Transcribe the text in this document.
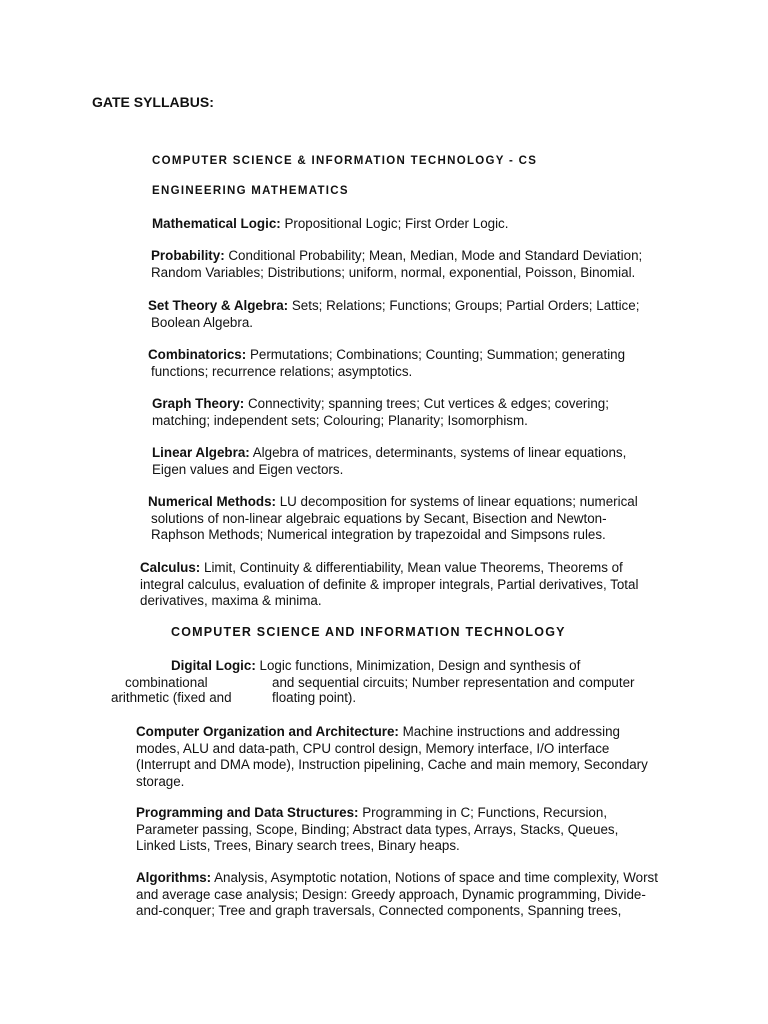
GATE SYLLABUS:
COMPUTER SCIENCE & INFORMATION TECHNOLOGY - CS
ENGINEERING MATHEMATICS
Mathematical Logic: Propositional Logic; First Order Logic.
Probability: Conditional Probability; Mean, Median, Mode and Standard Deviation;
Random Variables; Distributions; uniform, normal, exponential, Poisson, Binomial.
Set Theory & Algebra: Sets; Relations; Functions; Groups; Partial Orders; Lattice;
Boolean Algebra.
Combinatorics: Permutations; Combinations; Counting; Summation; generating
functions; recurrence relations; asymptotics.
Graph Theory: Connectivity; spanning trees; Cut vertices & edges; covering;
matching; independent sets; Colouring; Planarity; Isomorphism.
Linear Algebra: Algebra of matrices, determinants, systems of linear equations,
Eigen values and Eigen vectors.
Numerical Methods: LU decomposition for systems of linear equations; numerical
solutions of non-linear algebraic equations by Secant, Bisection and Newton-
Raphson Methods; Numerical integration by trapezoidal and Simpsons rules.
Calculus: Limit, Continuity & differentiability, Mean value Theorems, Theorems of
integral calculus, evaluation of definite & improper integrals, Partial derivatives, Total
derivatives, maxima & minima.
COMPUTER SCIENCE AND INFORMATION TECHNOLOGY
Digital Logic: Logic functions, Minimization, Design and synthesis of
combinational	and sequential circuits; Number representation and computer
arithmetic (fixed and	floating point).
Computer Organization and Architecture: Machine instructions and addressing
modes, ALU and data-path, CPU control design, Memory interface, I/O interface
(Interrupt and DMA mode), Instruction pipelining, Cache and main memory, Secondary
storage.
Programming and Data Structures: Programming in C; Functions, Recursion,
Parameter passing, Scope, Binding; Abstract data types, Arrays, Stacks, Queues,
Linked Lists, Trees, Binary search trees, Binary heaps.
Algorithms: Analysis, Asymptotic notation, Notions of space and time complexity, Worst
and average case analysis; Design: Greedy approach, Dynamic programming, Divide-
and-conquer; Tree and graph traversals, Connected components, Spanning trees,
